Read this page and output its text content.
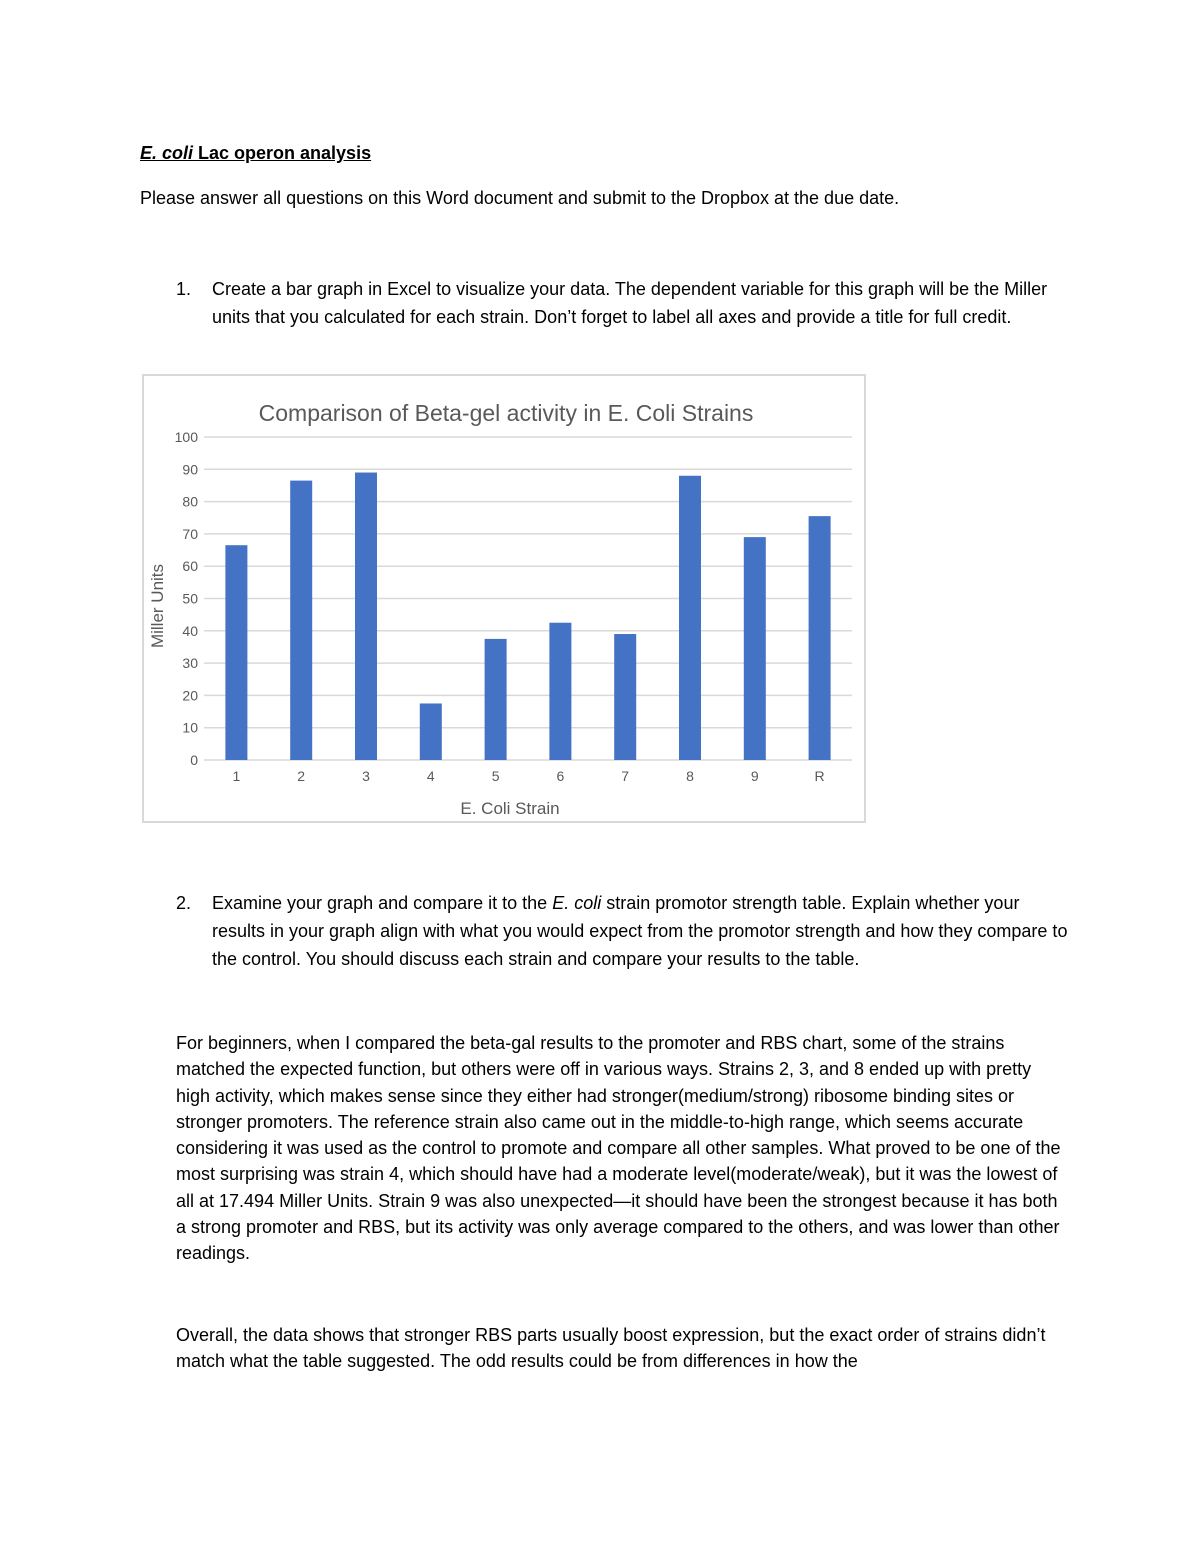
E. coli Lac operon analysis
Please answer all questions on this Word document and submit to the Dropbox at the due date.
1. Create a bar graph in Excel to visualize your data. The dependent variable for this graph will be the Miller units that you calculated for each strain. Don’t forget to label all axes and provide a title for full credit.
Comparison of Beta-gel activity in E. Coli Strains
0
10
20
30
40
50
60
70
80
90
100
1	2	3	4	5	6	7	8	9	R
Miller Units
E. Coli Strain
2. Examine your graph and compare it to the E. coli strain promotor strength table. Explain whether your results in your graph align with what you would expect from the promotor strength and how they compare to the control. You should discuss each strain and compare your results to the table.
For beginners, when I compared the beta-gal results to the promoter and RBS chart, some of the strains matched the expected function, but others were off in various ways. Strains 2, 3, and 8 ended up with pretty high activity, which makes sense since they either had stronger(medium/strong) ribosome binding sites or stronger promoters. The reference strain also came out in the middle-to-high range, which seems accurate considering it was used as the control to promote and compare all other samples. What proved to be one of the most surprising was strain 4, which should have had a moderate level(moderate/weak), but it was the lowest of all at 17.494 Miller Units. Strain 9 was also unexpected—it should have been the strongest because it has both a strong promoter and RBS, but its activity was only average compared to the others, and was lower than other readings.
Overall, the data shows that stronger RBS parts usually boost expression, but the exact order of strains didn’t match what the table suggested. The odd results could be from differences in how the
